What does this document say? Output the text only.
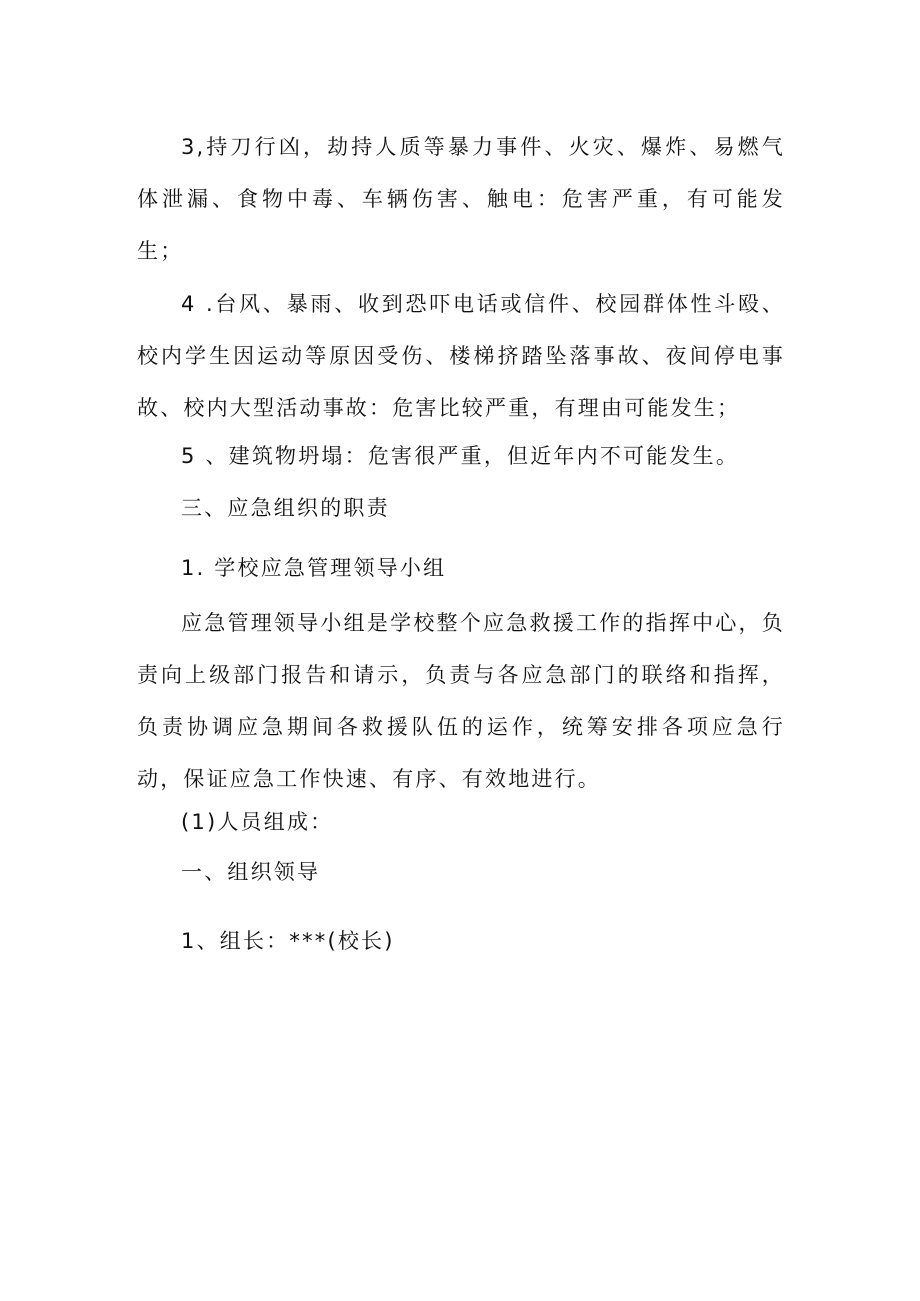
3,持刀行凶，劫持人质等暴力事件、火灾、爆炸、易燃气体泄漏、食物中毒、车辆伤害、触电：危害严重，有可能发生；

4 .台风、暴雨、收到恐吓电话或信件、校园群体性斗殴、校内学生因运动等原因受伤、楼梯挤踏坠落事故、夜间停电事故、校内大型活动事故：危害比较严重，有理由可能发生；

5 、建筑物坍塌：危害很严重，但近年内不可能发生。

三、应急组织的职责

1. 学校应急管理领导小组

应急管理领导小组是学校整个应急救援工作的指挥中心，负责向上级部门报告和请示，负责与各应急部门的联络和指挥，负责协调应急期间各救援队伍的运作，统筹安排各项应急行动，保证应急工作快速、有序、有效地进行。

(1)人员组成：

一、组织领导

1、组长：***(校长)
